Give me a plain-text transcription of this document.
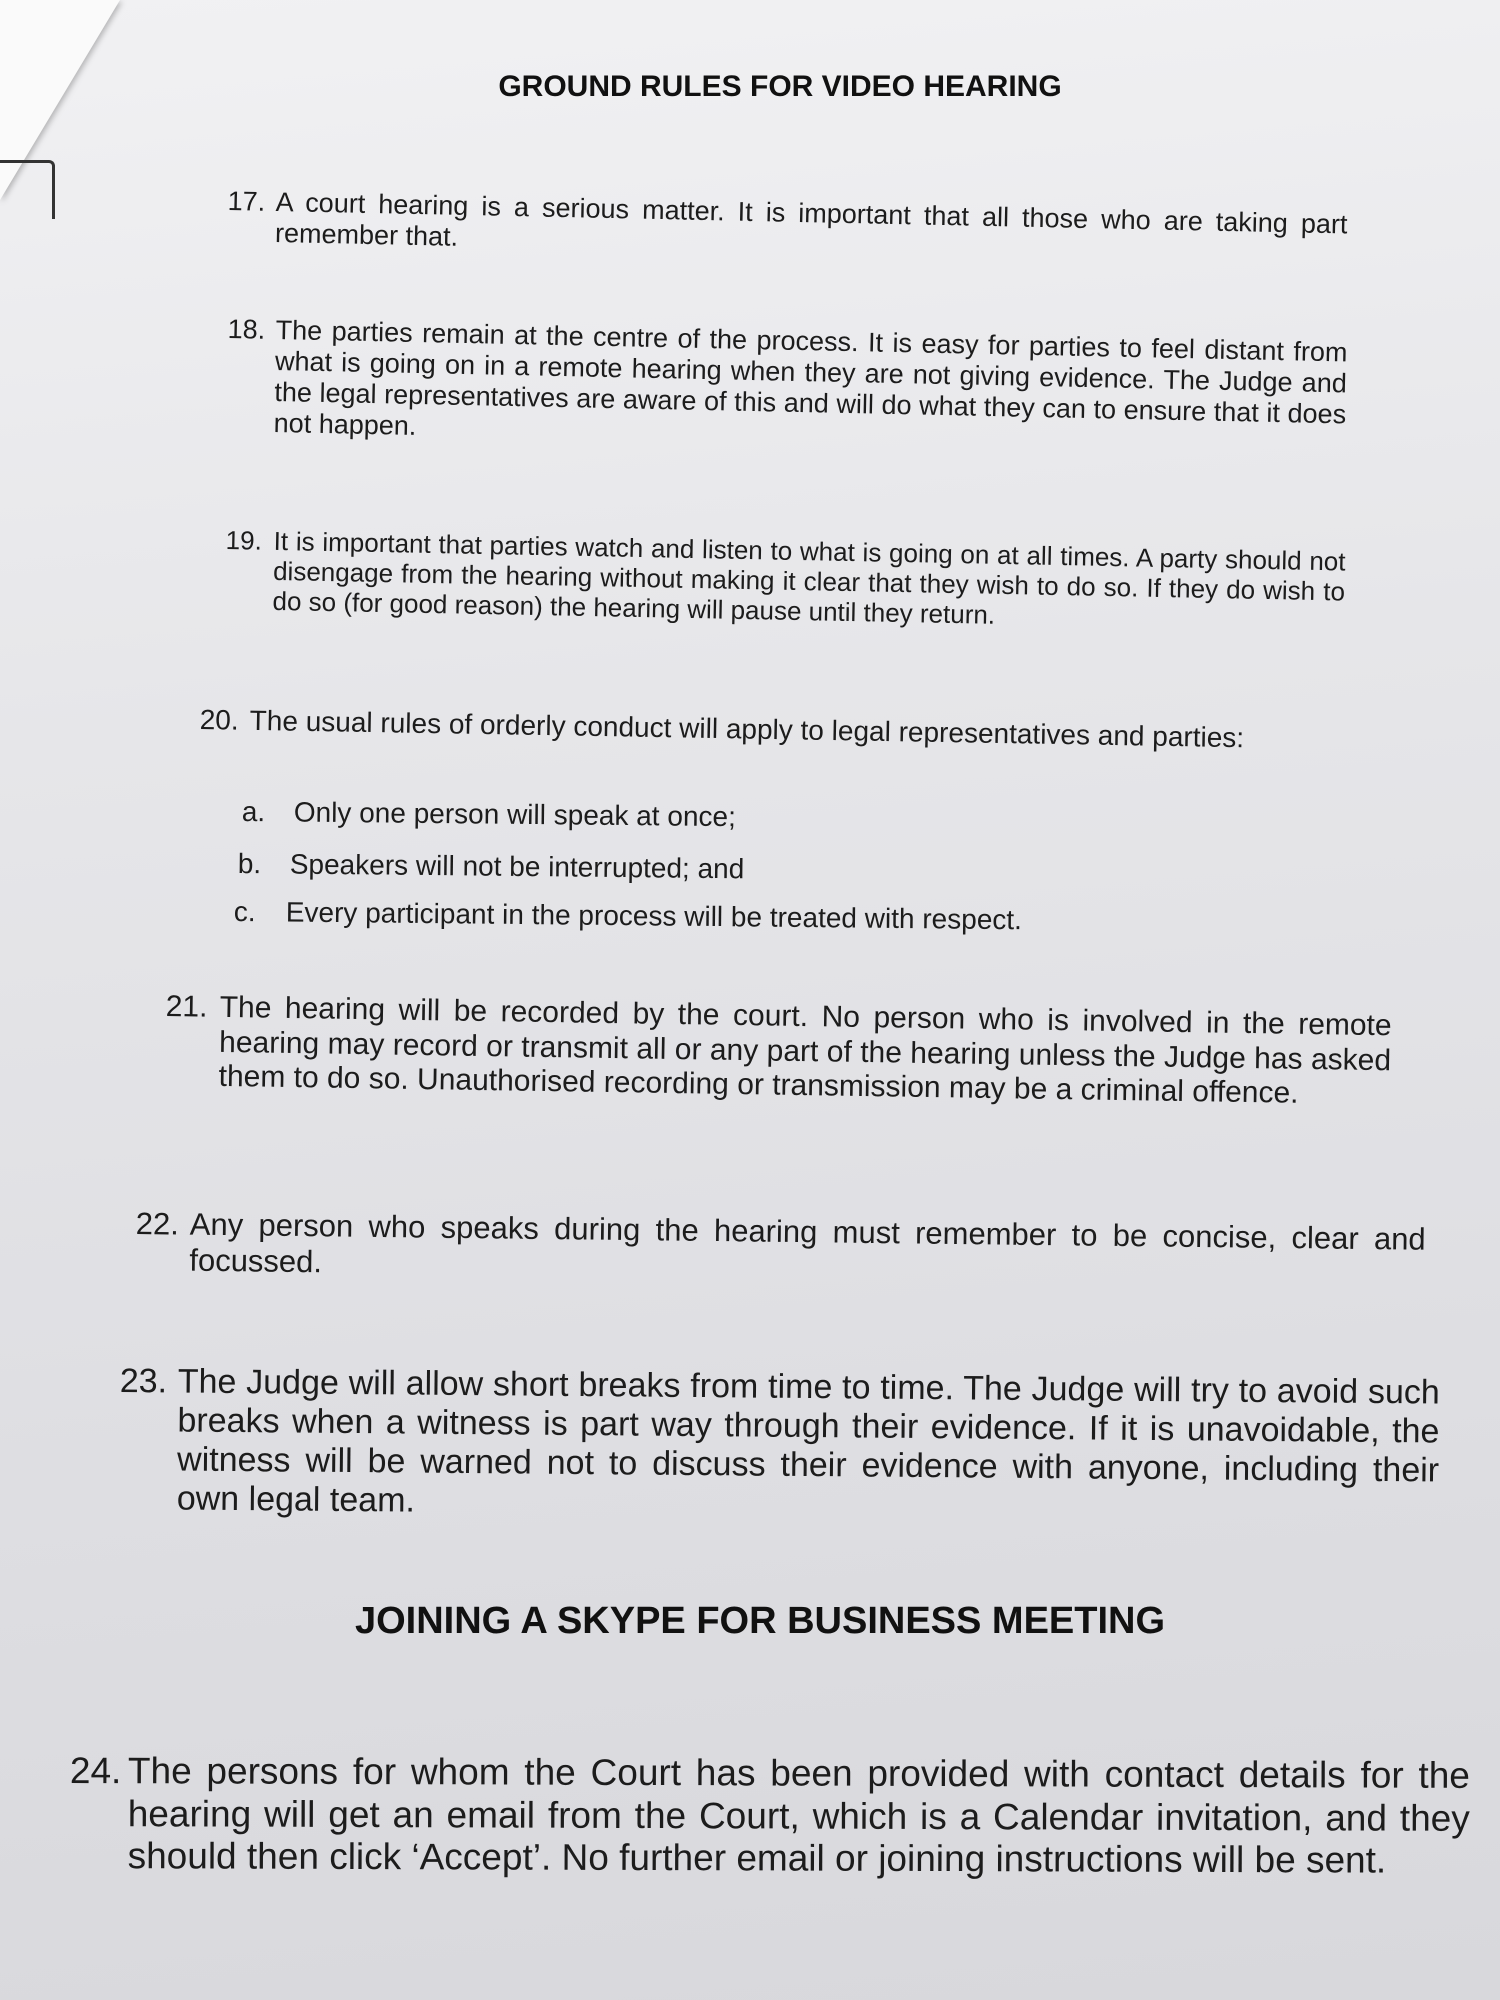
GROUND RULES FOR VIDEO HEARING
17. A court hearing is a serious matter. It is important that all those who are taking part remember that.
18. The parties remain at the centre of the process. It is easy for parties to feel distant from what is going on in a remote hearing when they are not giving evidence. The Judge and the legal representatives are aware of this and will do what they can to ensure that it does not happen.
19. It is important that parties watch and listen to what is going on at all times. A party should not disengage from the hearing without making it clear that they wish to do so. If they do wish to do so (for good reason) the hearing will pause until they return.
20. The usual rules of orderly conduct will apply to legal representatives and parties:
a.	Only one person will speak at once;
b.	Speakers will not be interrupted; and
c.	Every participant in the process will be treated with respect.
21. The hearing will be recorded by the court. No person who is involved in the remote hearing may record or transmit all or any part of the hearing unless the Judge has asked them to do so. Unauthorised recording or transmission may be a criminal offence.
22. Any person who speaks during the hearing must remember to be concise, clear and focussed.
23. The Judge will allow short breaks from time to time. The Judge will try to avoid such breaks when a witness is part way through their evidence. If it is unavoidable, the witness will be warned not to discuss their evidence with anyone, including their own legal team.
JOINING A SKYPE FOR BUSINESS MEETING
24. The persons for whom the Court has been provided with contact details for the hearing will get an email from the Court, which is a Calendar invitation, and they should then click ‘Accept’. No further email or joining instructions will be sent.
